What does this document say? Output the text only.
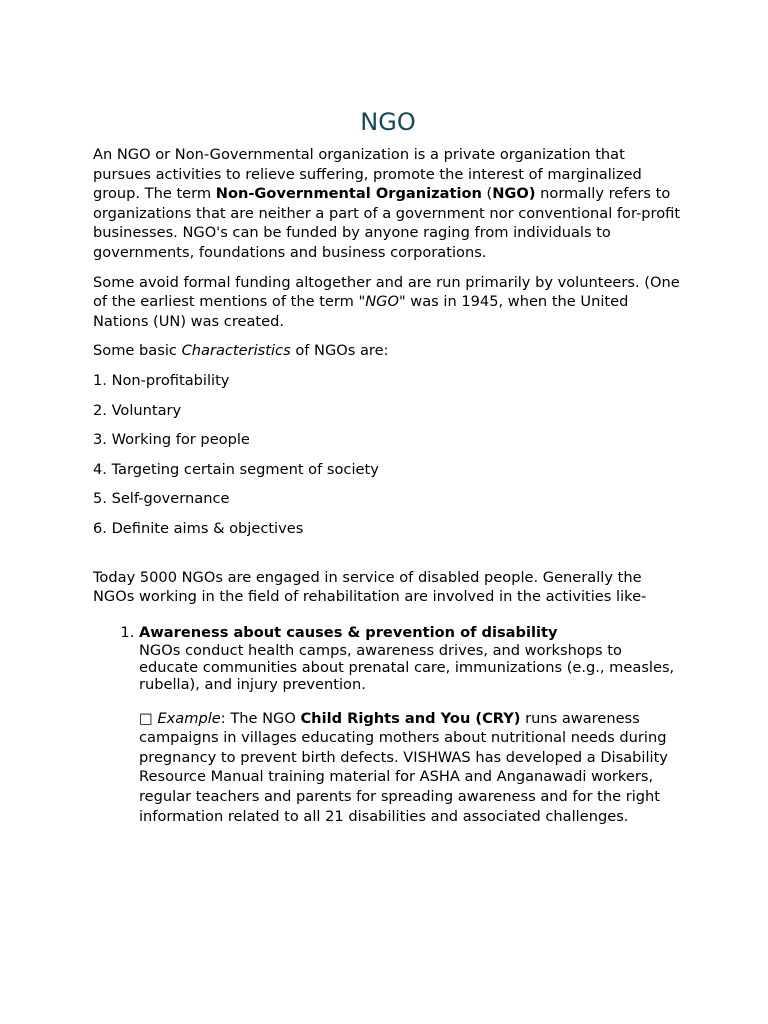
NGO

An NGO or Non-Governmental organization is a private organization that pursues activities to relieve suffering, promote the interest of marginalized group. The term Non-Governmental Organization (NGO) normally refers to organizations that are neither a part of a government nor conventional for-profit businesses. NGO's can be funded by anyone raging from individuals to governments, foundations and business corporations.

Some avoid formal funding altogether and are run primarily by volunteers. (One of the earliest mentions of the term "NGO" was in 1945, when the United Nations (UN) was created.

Some basic Characteristics of NGOs are:

1. Non-profitability

2. Voluntary

3. Working for people

4. Targeting certain segment of society

5. Self-governance

6. Definite aims & objectives

Today 5000 NGOs are engaged in service of disabled people. Generally the NGOs working in the field of rehabilitation are involved in the activities like-

1. Awareness about causes & prevention of disability
NGOs conduct health camps, awareness drives, and workshops to educate communities about prenatal care, immunizations (e.g., measles, rubella), and injury prevention.
□ Example: The NGO Child Rights and You (CRY) runs awareness campaigns in villages educating mothers about nutritional needs during pregnancy to prevent birth defects. VISHWAS has developed a Disability Resource Manual training material for ASHA and Anganawadi workers, regular teachers and parents for spreading awareness and for the right information related to all 21 disabilities and associated challenges.
